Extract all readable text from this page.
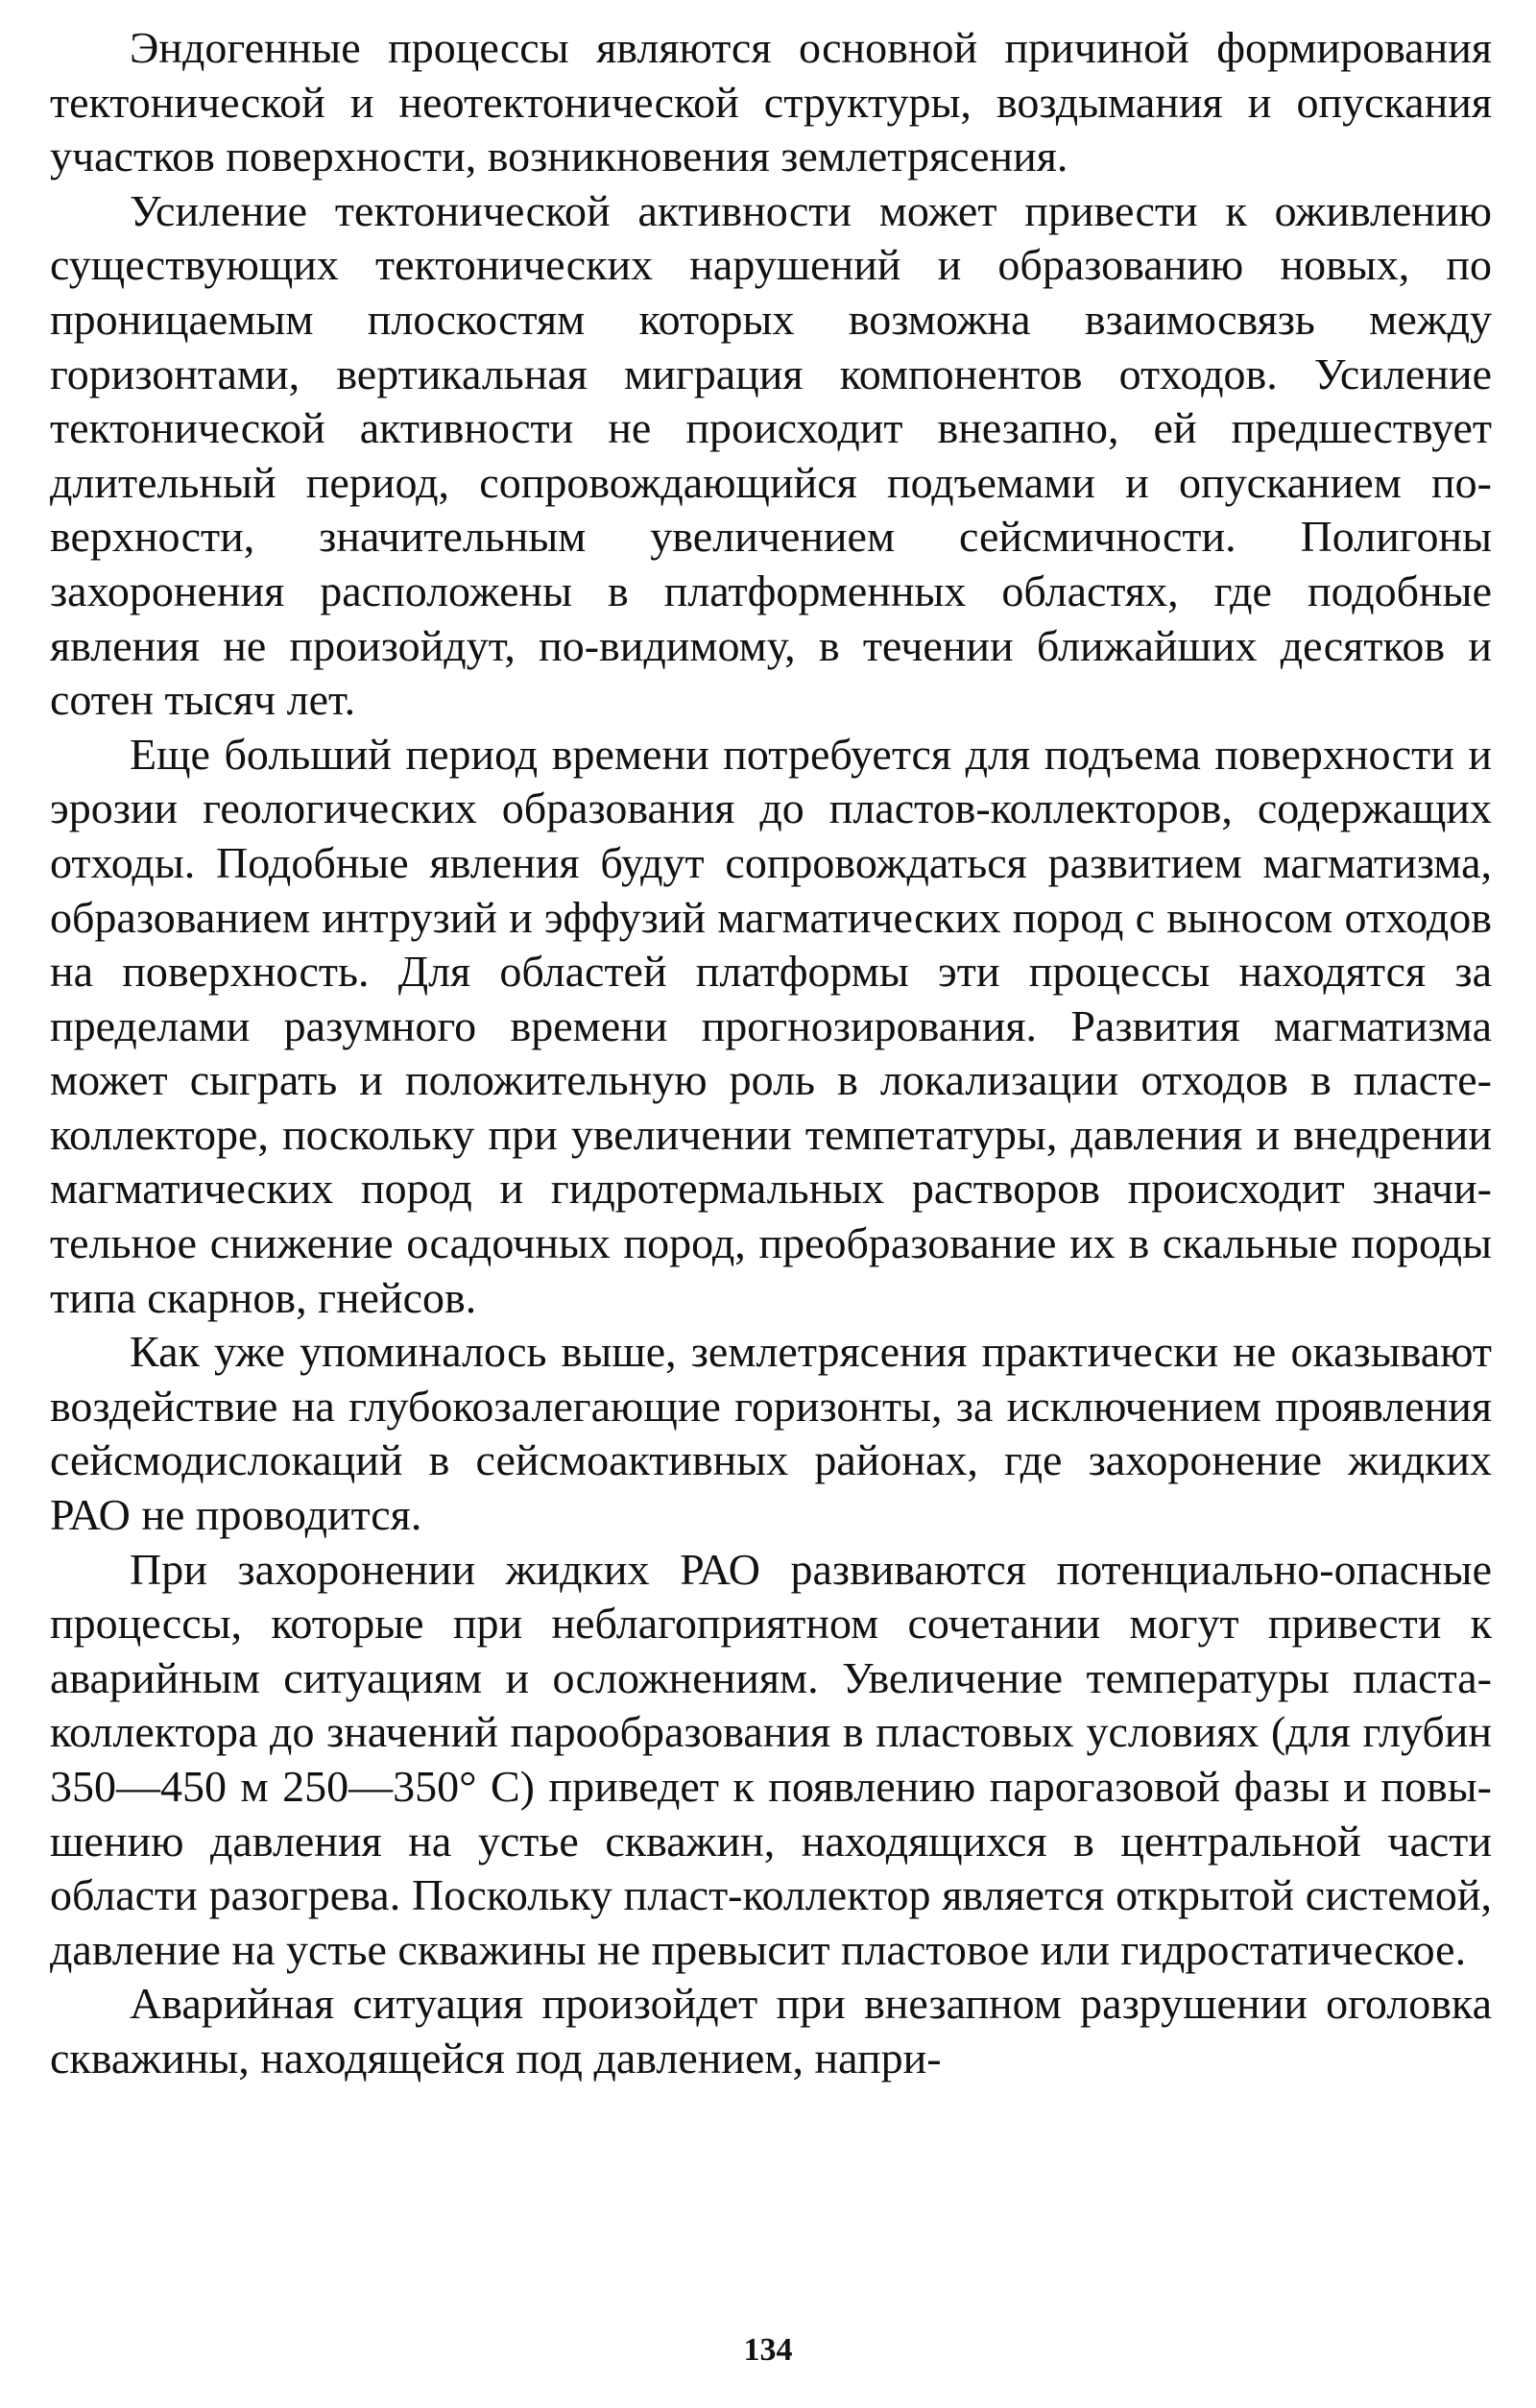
Эндогенные процессы являются основной причиной формирования тектонической и неотектонической структуры, воздымания и опускания участков поверхности, возникновения землетрясения.

Усиление тектонической активности может привести к оживлению существующих тектонических нарушений и образованию новых, по проницаемым плоскостям которых возможна взаимосвязь между горизонтами, вертикальная миграция компонентов отходов. Усиление тектонической активности не происходит внезапно, ей предшествует длительный период, сопровождающийся подъемами и опусканием поверхности, значительным увеличением сейсмичности. Полигоны захоронения расположены в платформенных областях, где подобные явления не произойдут, по-видимому, в течении ближайших десятков и сотен тысяч лет.

Еще больший период времени потребуется для подъема поверхности и эрозии геологических образования до пластов-коллекторов, содержащих отходы. Подобные явления будут сопровождаться развитием магматизма, образованием интрузий и эффузий магматических пород с выносом отходов на поверхность. Для областей платформы эти процессы находятся за пределами разумного времени прогнозирования. Развития магматизма может сыграть и положительную роль в локализации отходов в пласте-коллекторе, поскольку при увеличении темпетатуры, давления и внедрении магматических пород и гидротермальных растворов происходит значительное снижение осадочных пород, преобразование их в скальные породы типа скарнов, гнейсов.

Как уже упоминалось выше, землетрясения практически не оказывают воздействие на глубокозалегающие горизонты, за исключением проявления сейсмодислокаций в сейсмоактивных районах, где захоронение жидких РАО не проводится.

При захоронении жидких РАО развиваются потенциально-опасные процессы, которые при неблагоприятном сочетании могут привести к аварийным ситуациям и осложнениям. Увеличение температуры пласта-коллектора до значений парообразования в пластовых условиях (для глубин 350—450 м 250—350° С) приведет к появлению парогазовой фазы и повышению давления на устье скважин, находящихся в центральной части области разогрева. Поскольку пласт-коллектор является открытой системой, давление на устье скважины не превысит пластовое или гидростатическое.

Аварийная ситуация произойдет при внезапном разрушении оголовка скважины, находящейся под давлением, напри-

134
